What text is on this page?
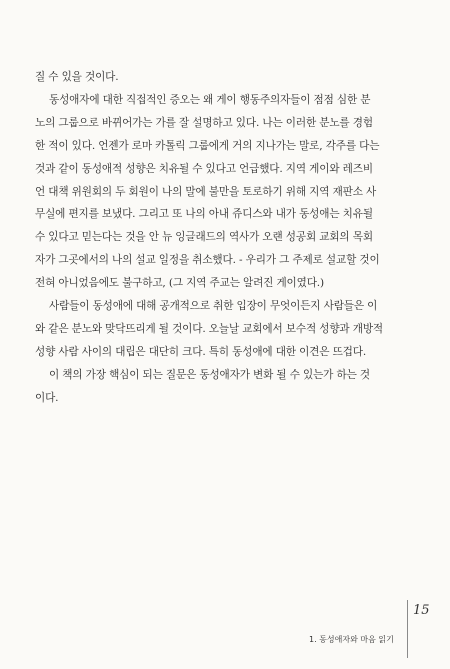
질 수 있을 것이다.

동성애자에 대한 직접적인 증오는 왜 게이 행동주의자들이 점점 심한 분
노의 그룹으로 바뀌어가는 가를 잘 설명하고 있다. 나는 이러한 분노를 경험
한 적이 있다. 언젠가 로마 카톨릭 그룹에게 거의 지나가는 말로, 각주를 다는
것과 같이 동성애적 성향은 치유될 수 있다고 언급했다. 지역 게이와 레즈비
언 대책 위원회의 두 회원이 나의 말에 불만을 토로하기 위해 지역 재판소 사
무실에 편지를 보냈다. 그리고 또 나의 아내 쥬디스와 내가 동성애는 치유될
수 있다고 믿는다는 것을 안 뉴 잉글래드의 역사가 오랜 성공회 교회의 목회
자가 그곳에서의 나의 설교 일정을 취소했다. - 우리가 그 주제로 설교할 것이
전혀 아니었음에도 불구하고, (그 지역 주교는 알려진 게이였다.)

사람들이 동성애에 대해 공개적으로 취한 입장이 무엇이든지 사람들은 이
와 같은 분노와 맞닥뜨리게 될 것이다. 오늘날 교회에서 보수적 성향과 개방적
성향 사람 사이의 대립은 대단히 크다. 특히 동성애에 대한 이견은 뜨겁다.

이 책의 가장 핵심이 되는 질문은 동성애자가 변화 될 수 있는가 하는 것
이다.

15
1. 동성애자와 마음 읽기
